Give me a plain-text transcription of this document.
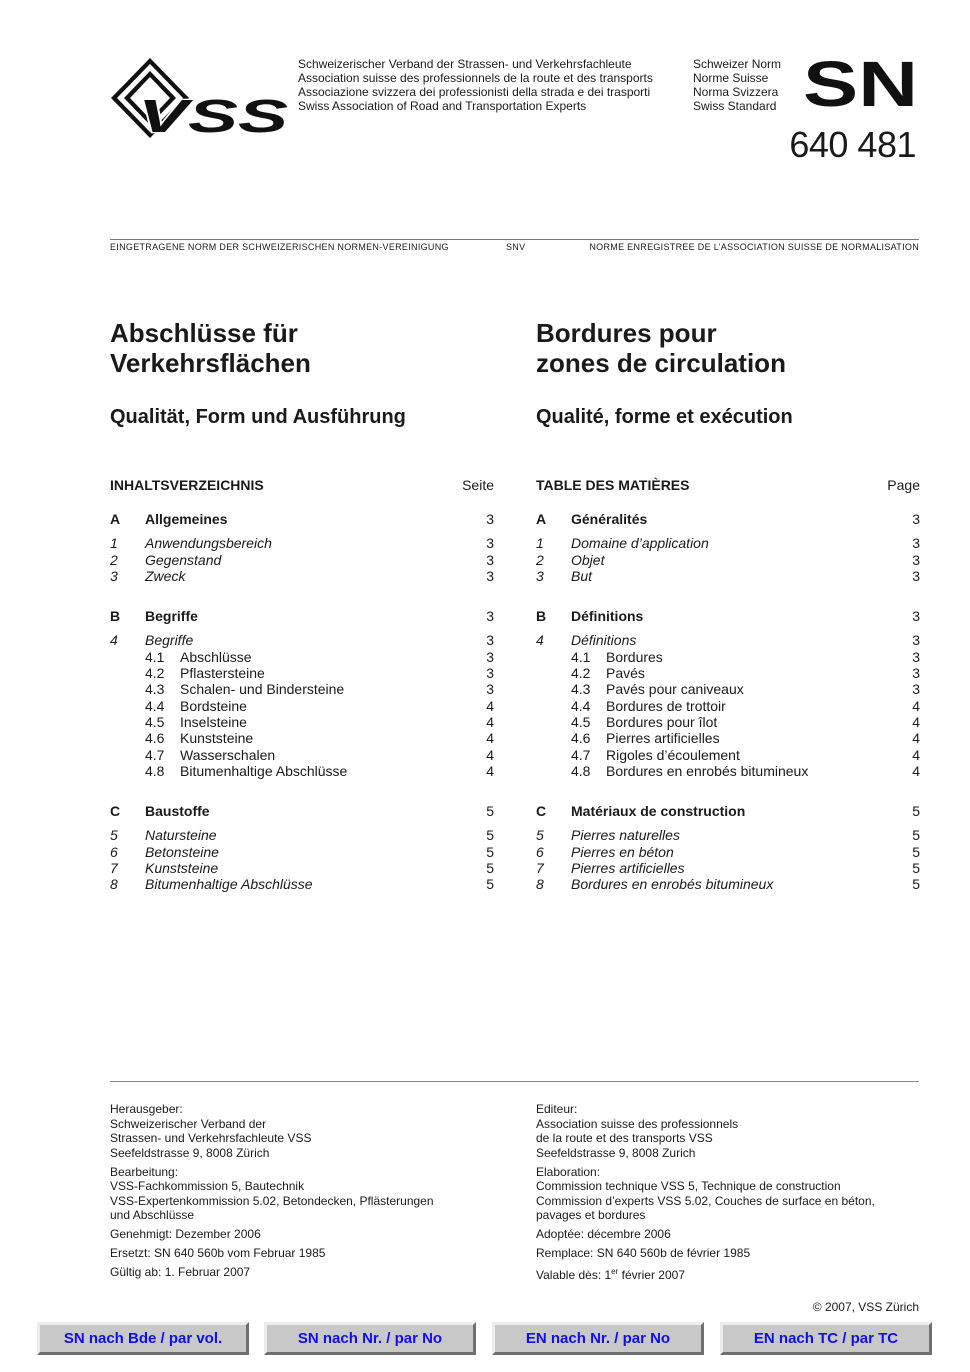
VSS
Schweizerischer Verband der Strassen- und Verkehrsfachleute
Association suisse des professionnels de la route et des transports
Associazione svizzera dei professionisti della strada e dei trasporti
Swiss Association of Road and Transportation Experts
Schweizer Norm
Norme Suisse
Norma Svizzera
Swiss Standard SN
640 481
EINGETRAGENE NORM DER SCHWEIZERISCHEN NORMEN-VEREINIGUNG	SNV	NORME ENREGISTREE DE L’ASSOCIATION SUISSE DE NORMALISATION
Abschlüsse für
Verkehrsflächen
Bordures pour
zones de circulation
Qualität, Form und Ausführung	Qualité, forme et exécution
INHALTSVERZEICHNIS	Seite
A Allgemeines	3
1 Anwendungsbereich	3
2 Gegenstand	3
3 Zweck	3
B Begriffe	3
4 Begriffe	3
4.1 Abschlüsse	3
4.2 Pflastersteine	3
4.3 Schalen- und Bindersteine	3
4.4 Bordsteine	4
4.5 Inselsteine	4
4.6 Kunststeine	4
4.7 Wasserschalen	4
4.8 Bitumenhaltige Abschlüsse	4
C Baustoffe	5
5 Natursteine	5
6 Betonsteine	5
7 Kunststeine	5
8 Bitumenhaltige Abschlüsse	5
TABLE DES MATIÈRES	Page
A Généralités	3
1 Domaine d’application	3
2 Objet	3
3 But	3
B Définitions	3
4 Définitions	3
4.1 Bordures	3
4.2 Pavés	3
4.3 Pavés pour caniveaux	3
4.4 Bordures de trottoir	4
4.5 Bordures pour îlot	4
4.6 Pierres artificielles	4
4.7 Rigoles d’écoulement	4
4.8 Bordures en enrobés bitumineux	4
C Matériaux de construction	5
5 Pierres naturelles	5
6 Pierres en béton	5
7 Pierres artificielles	5
8 Bordures en enrobés bitumineux	5

Herausgeber:
Schweizerischer Verband der
Strassen- und Verkehrsfachleute VSS
Seefeldstrasse 9, 8008 Zürich

Bearbeitung:
VSS-Fachkommission 5, Bautechnik
VSS-Expertenkommission 5.02, Betondecken, Pflästerungen
und Abschlüsse

Genehmigt: Dezember 2006

Ersetzt: SN 640 560b vom Februar 1985

Gültig ab: 1. Februar 2007

Editeur:
Association suisse des professionnels
de la route et des transports VSS
Seefeldstrasse 9, 8008 Zurich

Elaboration:
Commission technique VSS 5, Technique de construction
Commission d’experts VSS 5.02, Couches de surface en béton,
pavages et bordures

Adoptée: décembre 2006

Remplace: SN 640 560b de février 1985

Valable dès: 1er février 2007

© 2007, VSS Zürich
SN nach Bde / par vol.	SN nach Nr. / par No	EN nach Nr. / par No	EN nach TC / par TC
